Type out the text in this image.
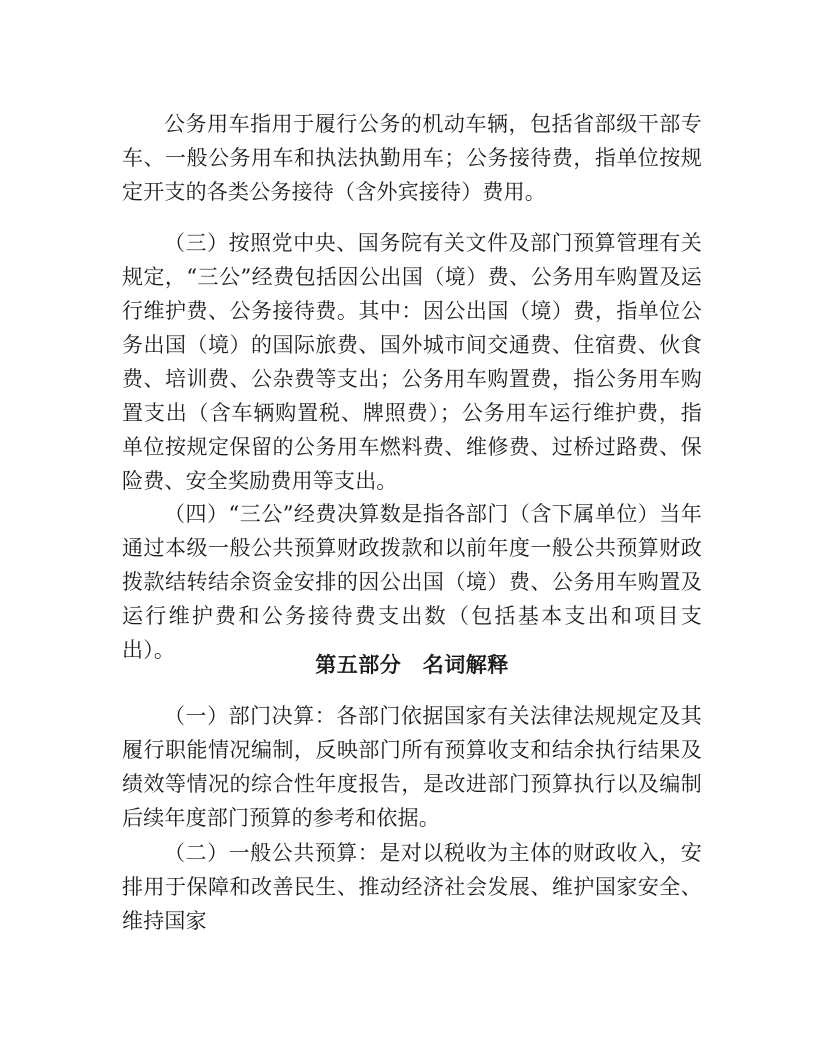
公务用车指用于履行公务的机动车辆，包括省部级干部专车、一般公务用车和执法执勤用车；公务接待费，指单位按规定开支的各类公务接待（含外宾接待）费用。

（三）按照党中央、国务院有关文件及部门预算管理有关规定，“三公”经费包括因公出国（境）费、公务用车购置及运行维护费、公务接待费。其中：因公出国（境）费，指单位公务出国（境）的国际旅费、国外城市间交通费、住宿费、伙食费、培训费、公杂费等支出；公务用车购置费，指公务用车购置支出（含车辆购置税、牌照费）；公务用车运行维护费，指单位按规定保留的公务用车燃料费、维修费、过桥过路费、保险费、安全奖励费用等支出。

（四）“三公”经费决算数是指各部门（含下属单位）当年通过本级一般公共预算财政拨款和以前年度一般公共预算财政拨款结转结余资金安排的因公出国（境）费、公务用车购置及运行维护费和公务接待费支出数（包括基本支出和项目支出）。

第五部分　名词解释

（一）部门决算：各部门依据国家有关法律法规规定及其履行职能情况编制，反映部门所有预算收支和结余执行结果及绩效等情况的综合性年度报告，是改进部门预算执行以及编制后续年度部门预算的参考和依据。

（二）一般公共预算：是对以税收为主体的财政收入，安排用于保障和改善民生、推动经济社会发展、维护国家安全、维持国家
